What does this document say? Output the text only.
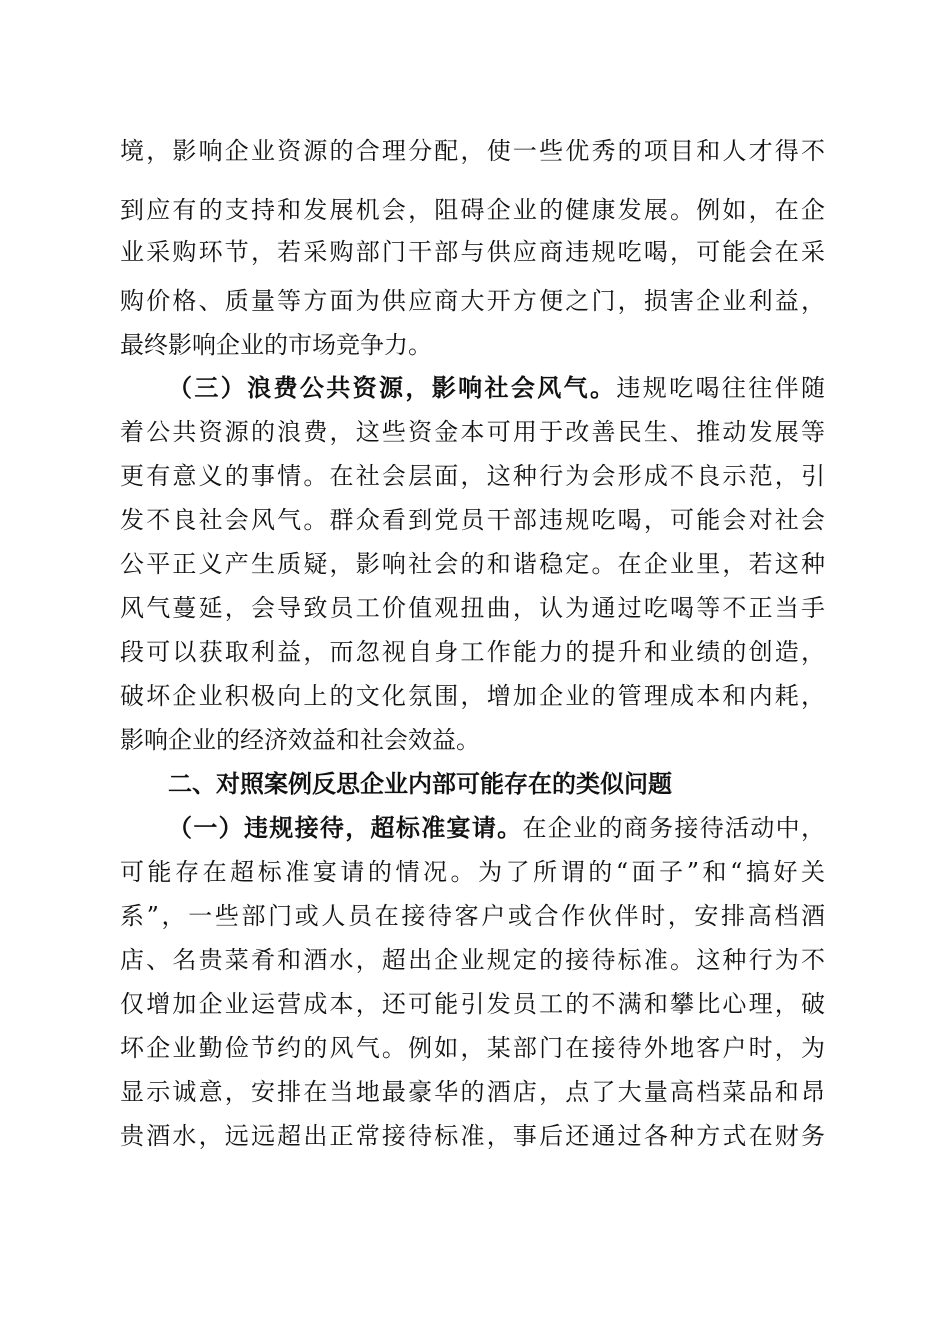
境，影响企业资源的合理分配，使一些优秀的项目和人才得不
到应有的支持和发展机会，阻碍企业的健康发展。例如，在企
业采购环节，若采购部门干部与供应商违规吃喝，可能会在采
购价格、质量等方面为供应商大开方便之门，损害企业利益，
最终影响企业的市场竞争力。
（三）浪费公共资源，影响社会风气。违规吃喝往往伴随
着公共资源的浪费，这些资金本可用于改善民生、推动发展等
更有意义的事情。在社会层面，这种行为会形成不良示范，引
发不良社会风气。群众看到党员干部违规吃喝，可能会对社会
公平正义产生质疑，影响社会的和谐稳定。在企业里，若这种
风气蔓延，会导致员工价值观扭曲，认为通过吃喝等不正当手
段可以获取利益，而忽视自身工作能力的提升和业绩的创造，
破坏企业积极向上的文化氛围，增加企业的管理成本和内耗，
影响企业的经济效益和社会效益。
二、对照案例反思企业内部可能存在的类似问题
（一）违规接待，超标准宴请。在企业的商务接待活动中，
可能存在超标准宴请的情况。为了所谓的“面子”和“搞好关
系”，一些部门或人员在接待客户或合作伙伴时，安排高档酒
店、名贵菜肴和酒水，超出企业规定的接待标准。这种行为不
仅增加企业运营成本，还可能引发员工的不满和攀比心理，破
坏企业勤俭节约的风气。例如，某部门在接待外地客户时，为
显示诚意，安排在当地最豪华的酒店，点了大量高档菜品和昂
贵酒水，远远超出正常接待标准，事后还通过各种方式在财务
